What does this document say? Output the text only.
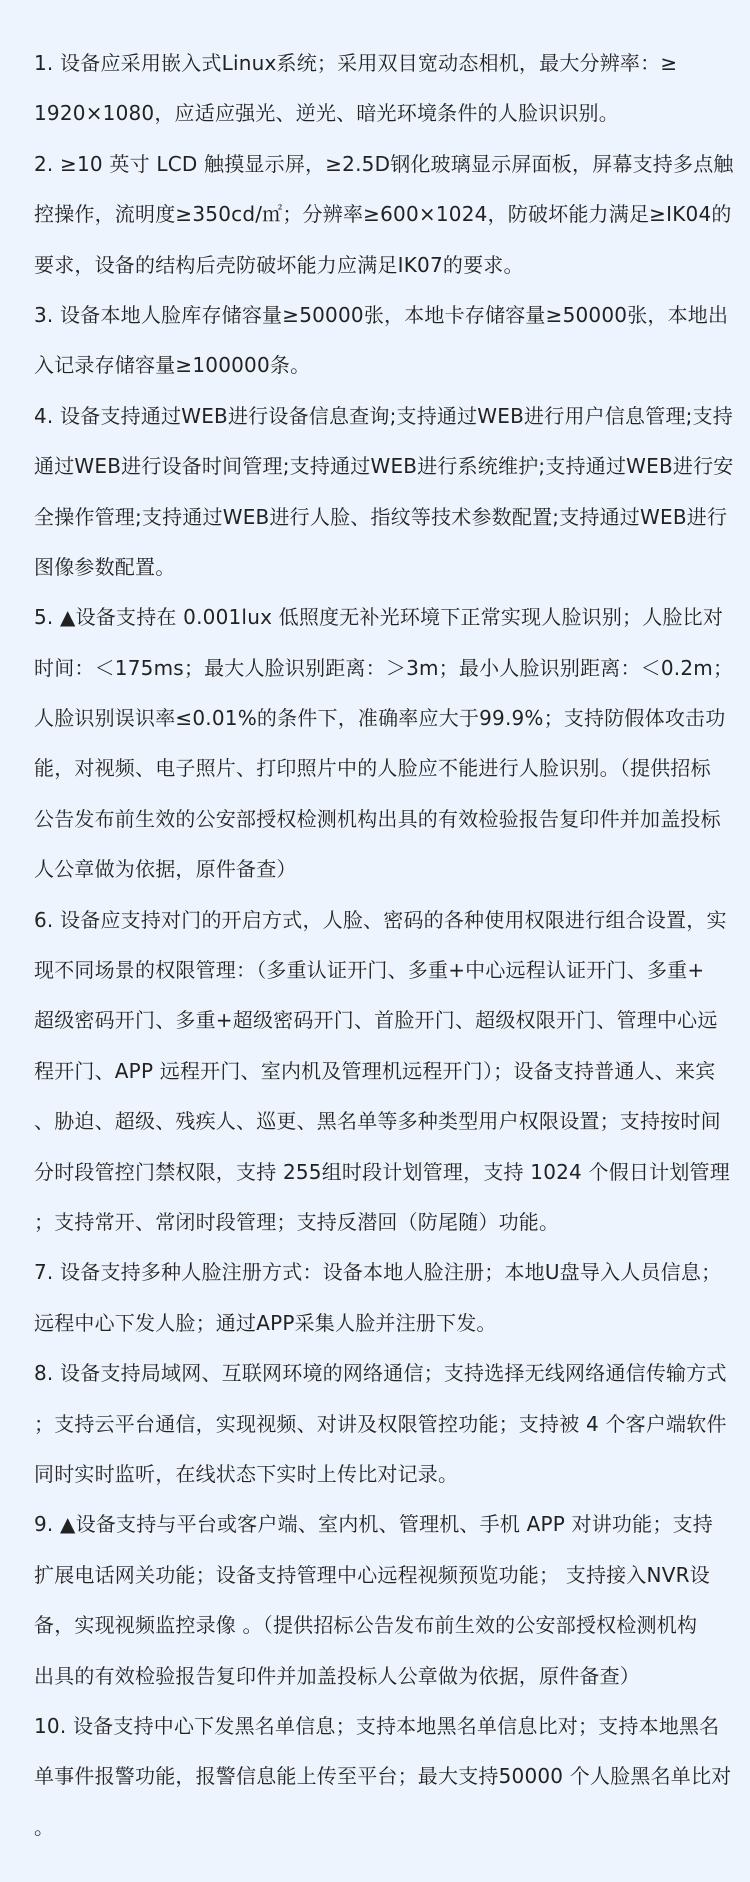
1. 设备应采用嵌入式Linux系统；采用双目宽动态相机，最大分辨率：≥
1920×1080，应适应强光、逆光、暗光环境条件的人脸识识别。
2. ≥10 英寸 LCD 触摸显示屏，≥2.5D钢化玻璃显示屏面板，屏幕支持多点触
控操作，流明度≥350cd/㎡；分辨率≥600×1024，防破坏能力满足≥IK04的
要求，设备的结构后壳防破坏能力应满足IK07的要求。
3. 设备本地人脸库存储容量≥50000张，本地卡存储容量≥50000张，本地出
入记录存储容量≥100000条。
4. 设备支持通过WEB进行设备信息查询;支持通过WEB进行用户信息管理;支持
通过WEB进行设备时间管理;支持通过WEB进行系统维护;支持通过WEB进行安
全操作管理;支持通过WEB进行人脸、指纹等技术参数配置;支持通过WEB进行
图像参数配置。
5. ▲设备支持在 0.001lux 低照度无补光环境下正常实现人脸识别；人脸比对
时间：＜175ms；最大人脸识别距离：＞3m；最小人脸识别距离：＜0.2m；
人脸识别误识率≤0.01%的条件下，准确率应大于99.9%；支持防假体攻击功
能，对视频、电子照片、打印照片中的人脸应不能进行人脸识别。（提供招标
公告发布前生效的公安部授权检测机构出具的有效检验报告复印件并加盖投标
人公章做为依据，原件备查）
6. 设备应支持对门的开启方式，人脸、密码的各种使用权限进行组合设置，实
现不同场景的权限管理：（多重认证开门、多重+中心远程认证开门、多重+
超级密码开门、多重+超级密码开门、首脸开门、超级权限开门、管理中心远
程开门、APP 远程开门、室内机及管理机远程开门）；设备支持普通人、来宾
、胁迫、超级、残疾人、巡更、黑名单等多种类型用户权限设置；支持按时间
分时段管控门禁权限，支持 255组时段计划管理，支持 1024 个假日计划管理
；支持常开、常闭时段管理；支持反潜回（防尾随）功能。
7. 设备支持多种人脸注册方式：设备本地人脸注册；本地U盘导入人员信息；
远程中心下发人脸；通过APP采集人脸并注册下发。
8. 设备支持局域网、互联网环境的网络通信；支持选择无线网络通信传输方式
；支持云平台通信，实现视频、对讲及权限管控功能；支持被 4 个客户端软件
同时实时监听，在线状态下实时上传比对记录。
9. ▲设备支持与平台或客户端、室内机、管理机、手机 APP 对讲功能；支持
扩展电话网关功能；设备支持管理中心远程视频预览功能； 支持接入NVR设
备，实现视频监控录像 。（提供招标公告发布前生效的公安部授权检测机构
出具的有效检验报告复印件并加盖投标人公章做为依据，原件备查）
10. 设备支持中心下发黑名单信息；支持本地黑名单信息比对；支持本地黑名
单事件报警功能，报警信息能上传至平台；最大支持50000 个人脸黑名单比对
。
